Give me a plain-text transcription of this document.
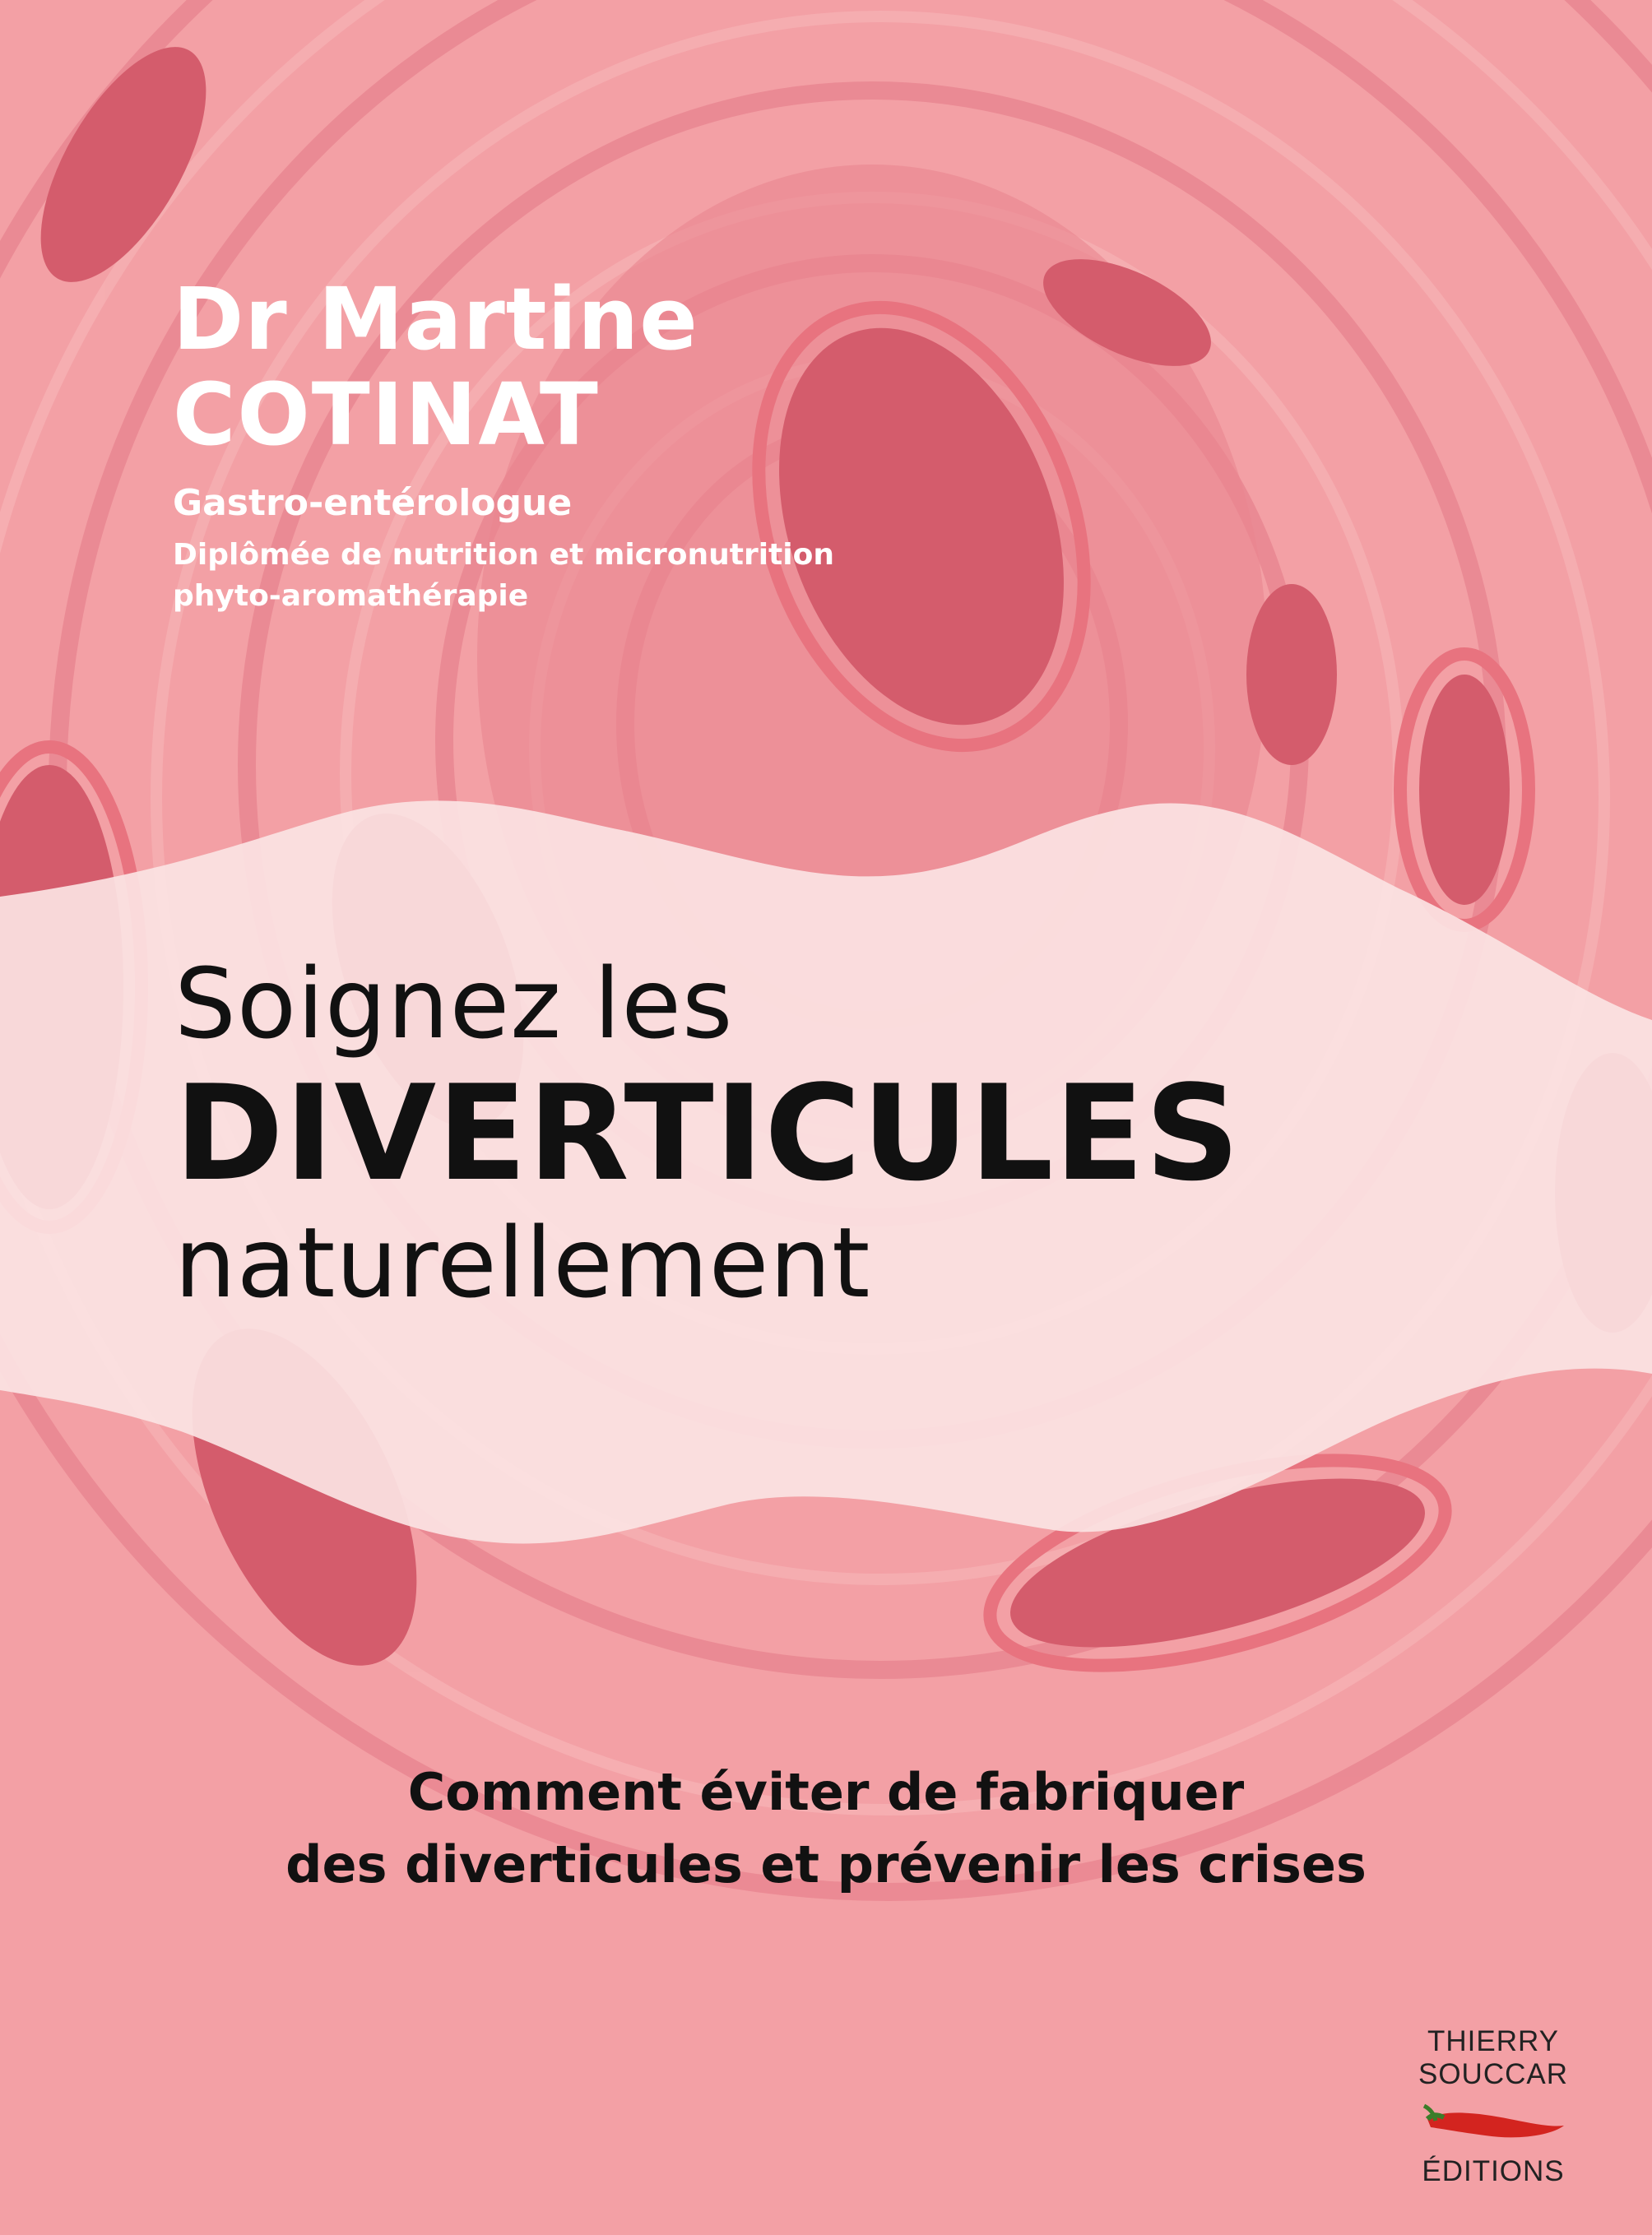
Dr Martine
COTINAT
Gastro-entérologue
Diplômée de nutrition et micronutrition
phyto-aromathérapie
Soignez les
DIVERTICULES
naturellement
Comment éviter de fabriquer
des diverticules et prévenir les crises
THIERRY
SOUCCAR
ÉDITIONS
